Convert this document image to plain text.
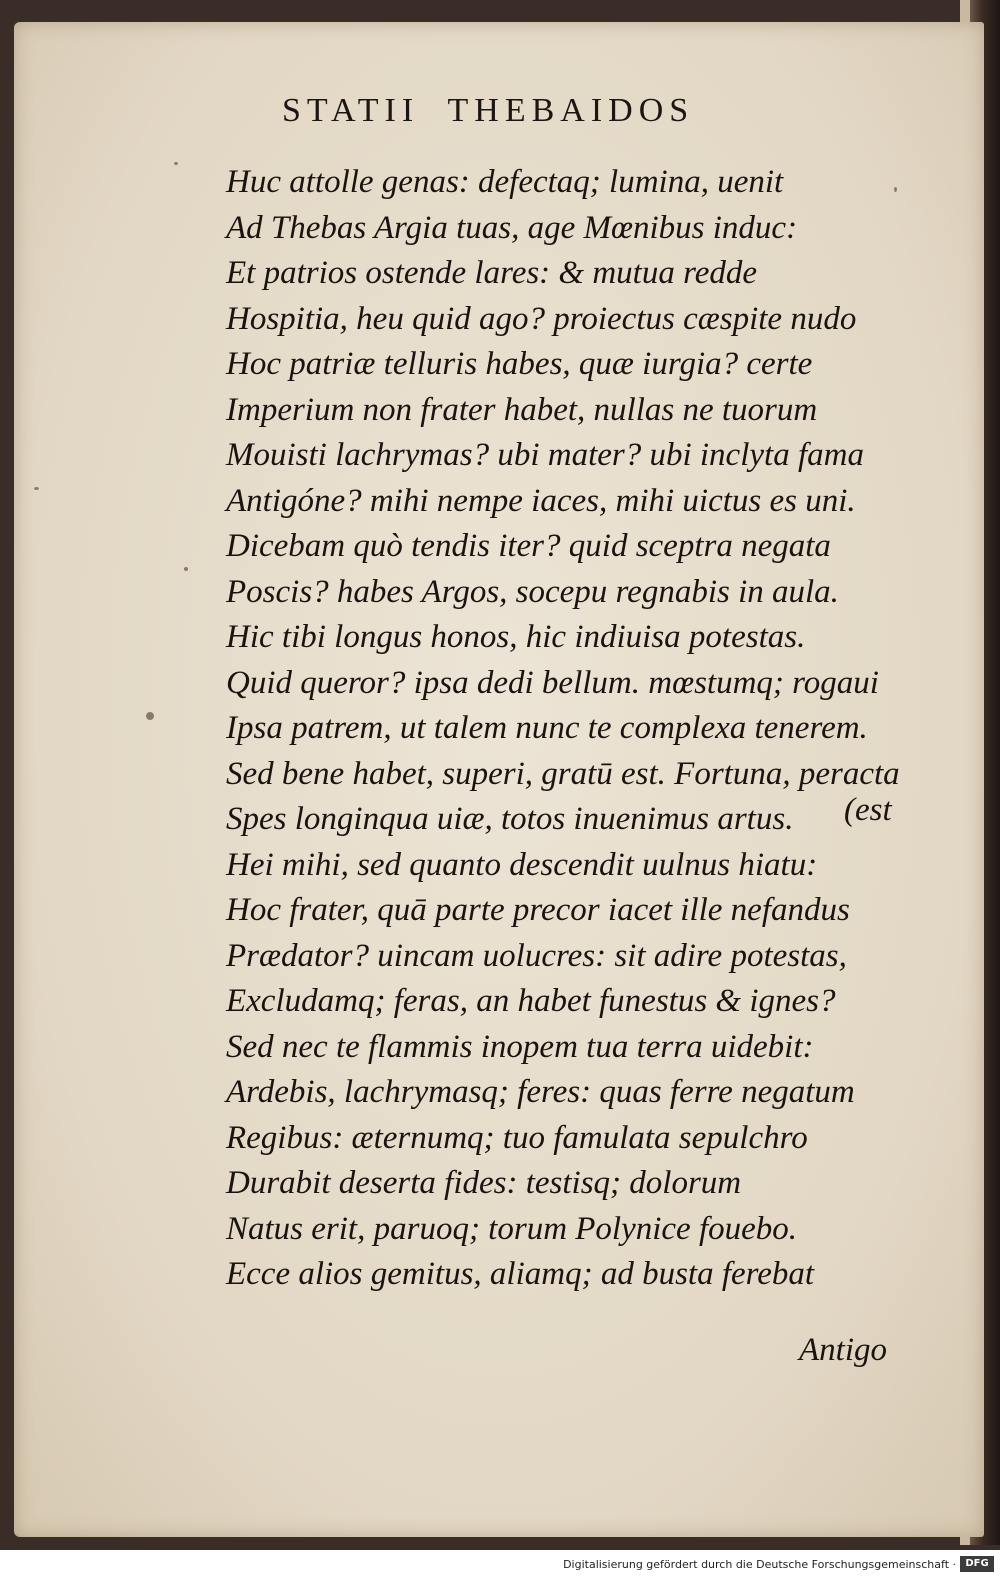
STATII  THEBAIDOS
Huc attolle genas: defectaq; lumina, uenit
Ad Thebas Argia tuas, age Mœnibus induc:
Et patrios ostende lares: & mutua redde
Hospitia, heu quid ago? proiectus cæspite nudo
Hoc patriæ telluris habes, quæ iurgia? certe
Imperium non frater habet, nullas ne tuorum
Mouisti lachrymas? ubi mater? ubi inclyta fama
Antigóne? mihi nempe iaces, mihi uictus es uni.
Dicebam quò tendis iter? quid sceptra negata
Poscis? habes Argos, socери regnabis in aula.
Hic tibi longus honos, hic indiuisa potestas.
Quid queror? ipsa dedi bellum. mœstumq; rogaui
Ipsa patrem, ut talem nunc te complexa tenerem.
Sed bene habet, superi, gratū est. Fortuna, peracta
Spes longinqua uiæ, totos inuenimus artus.
Hei mihi, sed quanto descendit uulnus hiatu:
Hoc frater, quā parte precor iacet ille nefandus
Prædator? uincam uolucres: sit adire potestas,
Excludamq; feras, an habet funestus & ignes?
Sed nec te flammis inopem tua terra uidebit:
Ardebis, lachrymasq; feres: quas ferre negatum
Regibus: æternumq; tuo famulata sepulchro
Durabit deserta fides: testisq; dolorum
Natus erit, paruoq; torum Polynice fouebo.
Ecce alios gemitus, aliamq; ad busta ferebat
(est
Antigo
Digitalisierung gefördert durch die Deutsche Forschungsgemeinschaft · DFG
